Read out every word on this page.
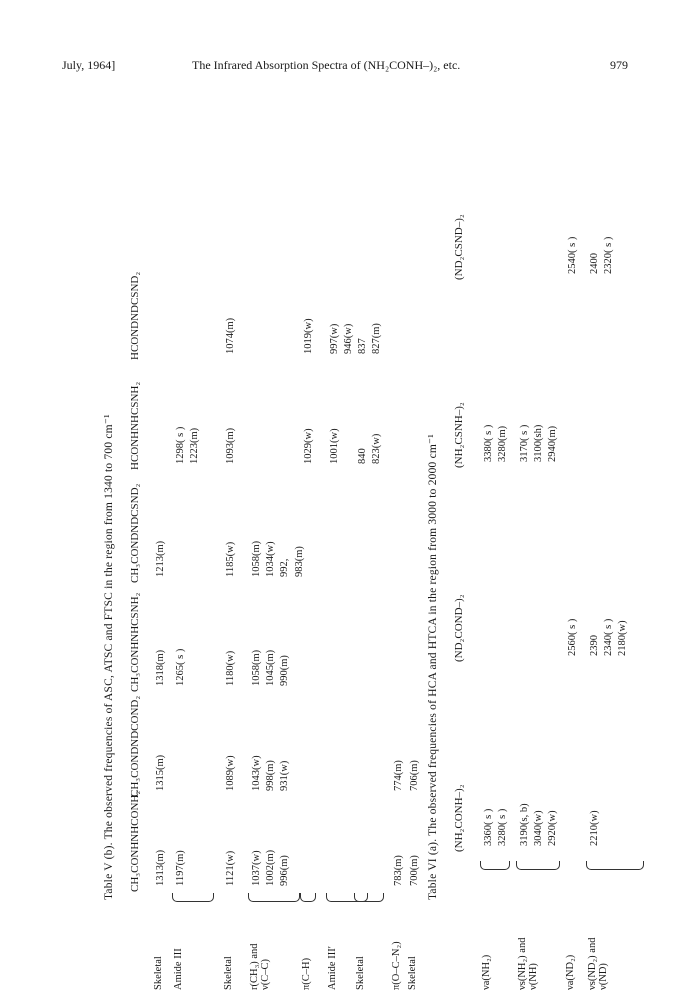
July, 1964]	The Infrared Absorption Spectra of (NH₂CONH–)₂, etc.	979
Table V (b). The observed frequencies of ASC, ATSC and FTSC in the region from 1340 to 700 cm⁻¹ CH₃CONHNHCONH₂
CH₃CONDNDCOND₂
CH₃CONHNHCSNH₂
CH₃CONDNDCSND₂
HCONHNHCSNH₂
HCONDNDCSND₂
Skeletal
1313(m)
1315(m)
1318(m)
1213(m)
Amide III
1197(m)
1265( s )
1298( s ) 1223(m)
Skeletal
1121(w)
1089(w)
1180(w)
1185(w)
1093(m)
1074(m)
r(CH₃) and
ν(C–C)
1037(w) 1002(m) 996(m)
1043(w) 998(m) 931(w)
1058(m) 1045(m) 990(m)
1058(m) 1034(w) 992, 983(m)
π(C–H)
1029(w)
1019(w)
Amide III′
1001(w)
997(w) 946(w)
Skeletal
840 823(w)
837 827(m)
π(O–C–N₂)
783(m)
774(m)
Skeletal
700(m)
706(m) Table VI (a). The observed frequencies of HCA and HTCA in the region from 3000 to 2000 cm⁻¹ (NH₂CONH–)₂
(ND₂COND–)₂
(NH₂CSNH–)₂
(ND₂CSND–)₂
νa(NH₂)
3360( s ) 3280( s )
3380( s ) 3280(m)
νs(NH₂) and
ν(NH)
3190(s, b) 3040(w) 2920(w)
3170( s ) 3100(sh) 2940(m)
νa(ND₂)
2560( s )
2540( s )
νs(ND₂) and
ν(ND)
2210(w)
2390 2340( s ) 2180(w)
2400 2320( s )
